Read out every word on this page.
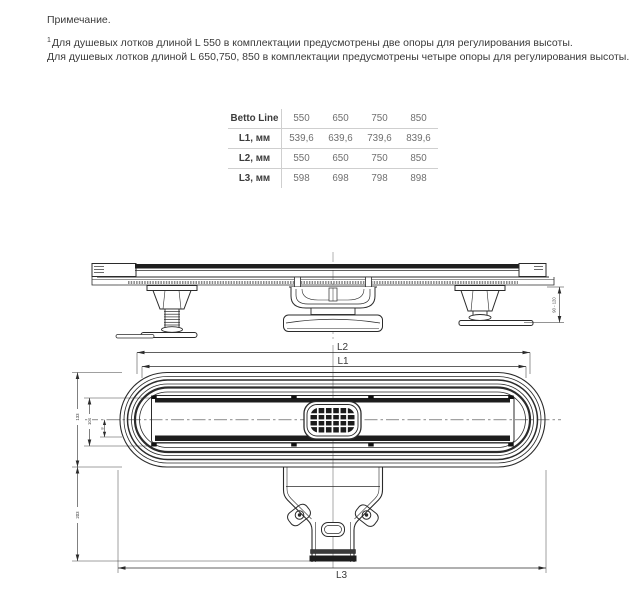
Примечание.
$^1$Для душевых лотков длиной L 550 в комплектации предусмотрены две опоры для регулирования высоты.
Для душевых лотков длиной L 650,750, 850 в комплектации предусмотрены четыре опоры для регулирования высоты.
Betto Line	550	650	750	850
L1, мм	539,6	639,6	739,6	839,6
L2, мм	550	650	750	850
L3, мм	598	698	798	898
90 - 120
L2
L1
133
203
104
8
L3
